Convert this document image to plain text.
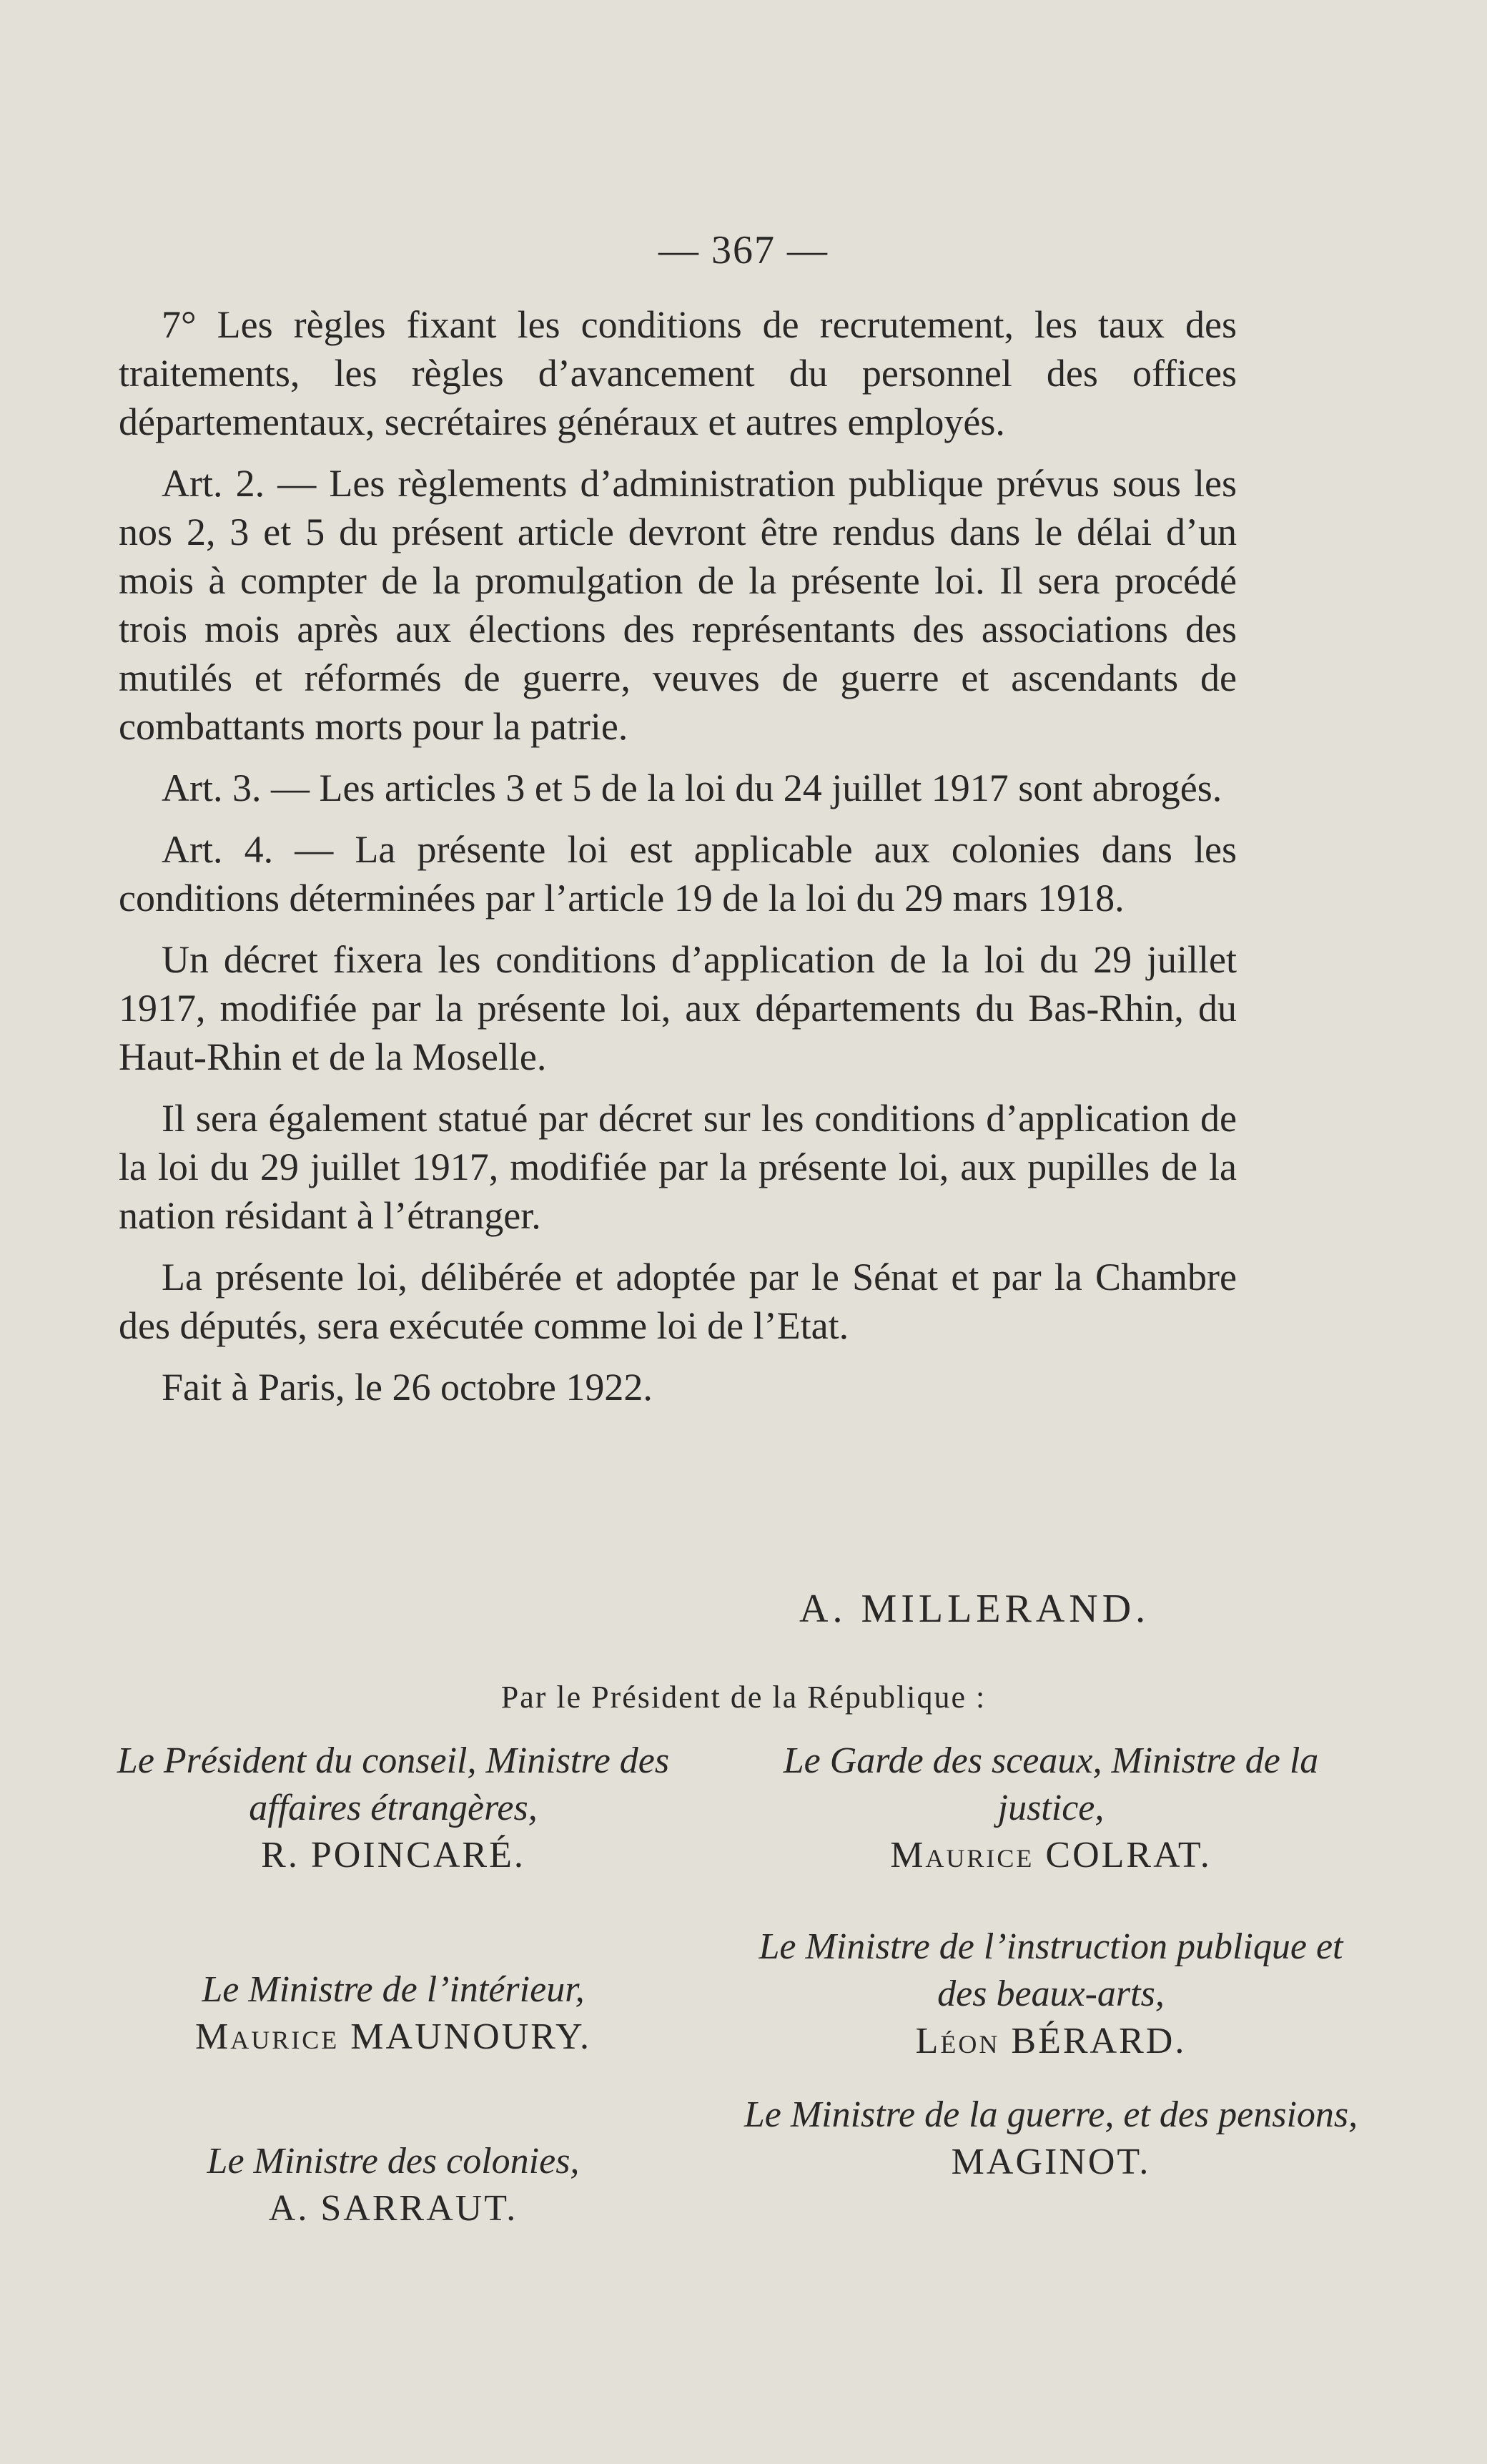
— 367 —

7° Les règles fixant les conditions de recrutement, les taux des traitements, les règles d’avancement du personnel des offices départementaux, secrétaires généraux et autres employés.

Art. 2. — Les règlements d’administration publique prévus sous les nos 2, 3 et 5 du présent article devront être rendus dans le délai d’un mois à compter de la promulgation de la présente loi. Il sera procédé trois mois après aux élections des représentants des associations des mutilés et réformés de guerre, veuves de guerre et ascendants de combattants morts pour la patrie.

Art. 3. — Les articles 3 et 5 de la loi du 24 juillet 1917 sont abrogés.

Art. 4. — La présente loi est applicable aux colonies dans les conditions déterminées par l’article 19 de la loi du 29 mars 1918.

Un décret fixera les conditions d’application de la loi du 29 juillet 1917, modifiée par la présente loi, aux départements du Bas-Rhin, du Haut-Rhin et de la Moselle.

Il sera également statué par décret sur les conditions d’application de la loi du 29 juillet 1917, modifiée par la présente loi, aux pupilles de la nation résidant à l’étranger.

La présente loi, délibérée et adoptée par le Sénat et par la Chambre des députés, sera exécutée comme loi de l’Etat.

Fait à Paris, le 26 octobre 1922.

A. MILLERAND.
Par le Président de la République :
Le Président du conseil, Ministre des affaires étrangères,
R. POINCARÉ.
Le Garde des sceaux, Ministre de la justice,
Maurice COLRAT.
Le Ministre de l’instruction publique et des beaux-arts,
Léon BÉRARD.
Le Ministre de l’intérieur,
Maurice MAUNOURY.
Le Ministre de la guerre, et des pensions,
MAGINOT.
Le Ministre des colonies,
A. SARRAUT.
